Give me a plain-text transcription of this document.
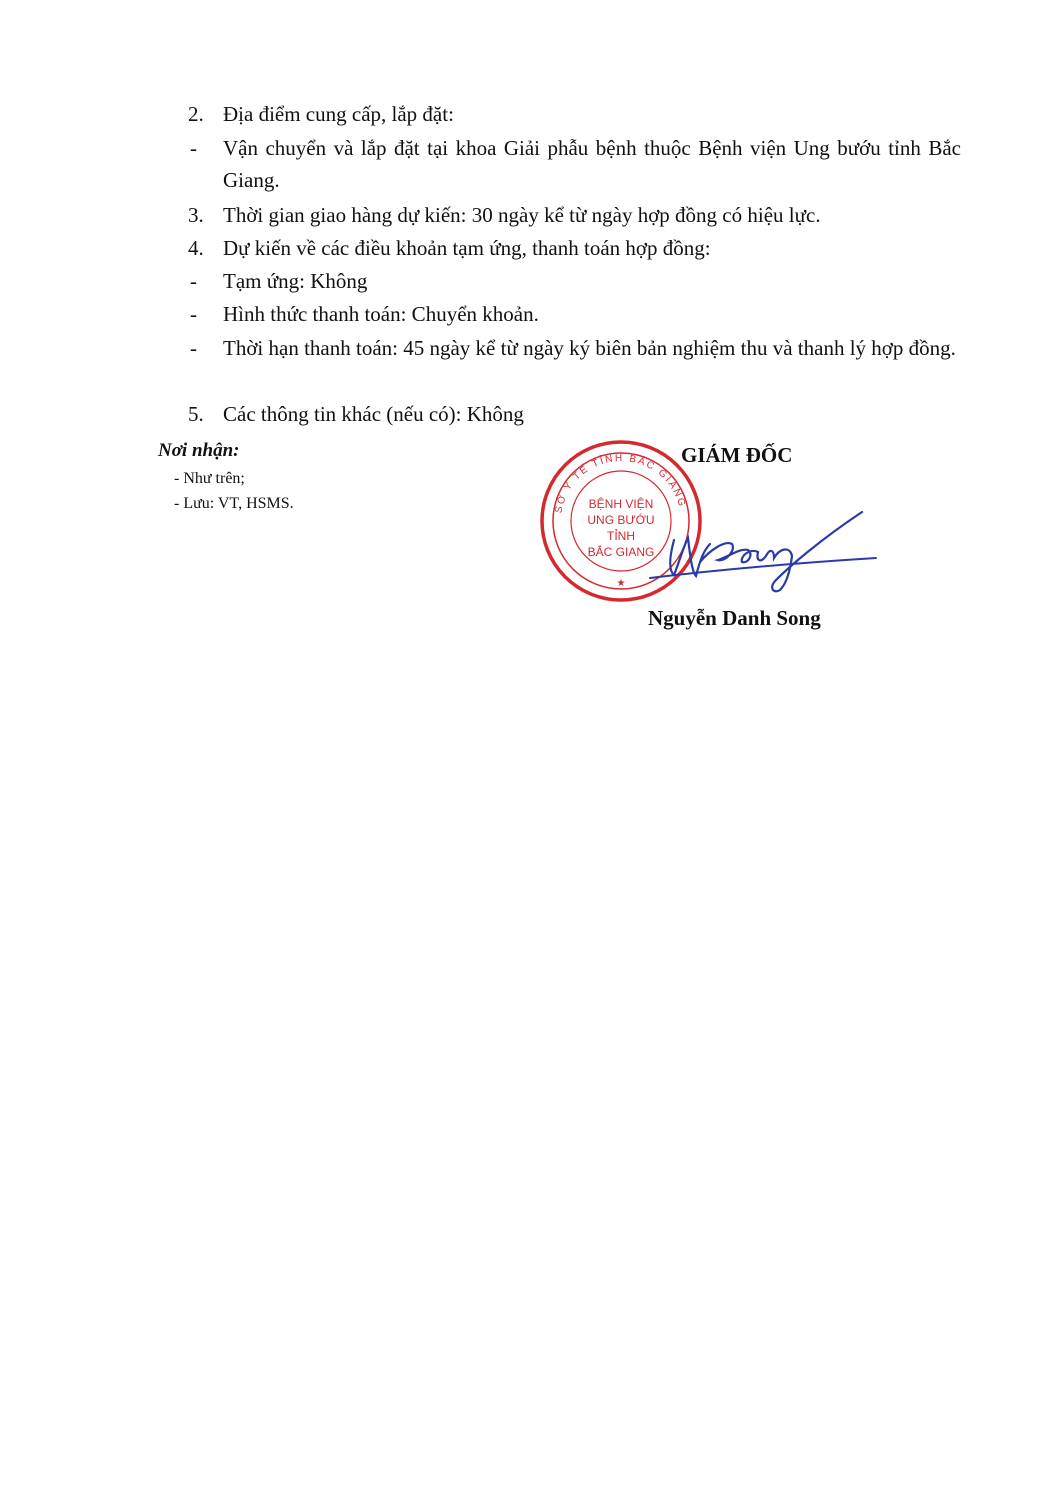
2. Địa điểm cung cấp, lắp đặt:
- Vận chuyển và lắp đặt tại khoa Giải phẫu bệnh thuộc Bệnh viện Ung bướu tỉnh Bắc Giang.
3. Thời gian giao hàng dự kiến: 30 ngày kể từ ngày hợp đồng có hiệu lực.
4. Dự kiến về các điều khoản tạm ứng, thanh toán hợp đồng:
- Tạm ứng: Không
- Hình thức thanh toán: Chuyển khoản.
- Thời hạn thanh toán: 45 ngày kể từ ngày ký biên bản nghiệm thu và thanh lý hợp đồng.
5. Các thông tin khác (nếu có): Không
Nơi nhận:
- Như trên;
- Lưu: VT, HSMS.	SỞ Y TẾ TỈNH BẮC GIANG
BỆNH VIỆN
UNG BƯỚU
TỈNH
BẮC GIANG
★
GIÁM ĐỐC
Nguyễn Danh Song
